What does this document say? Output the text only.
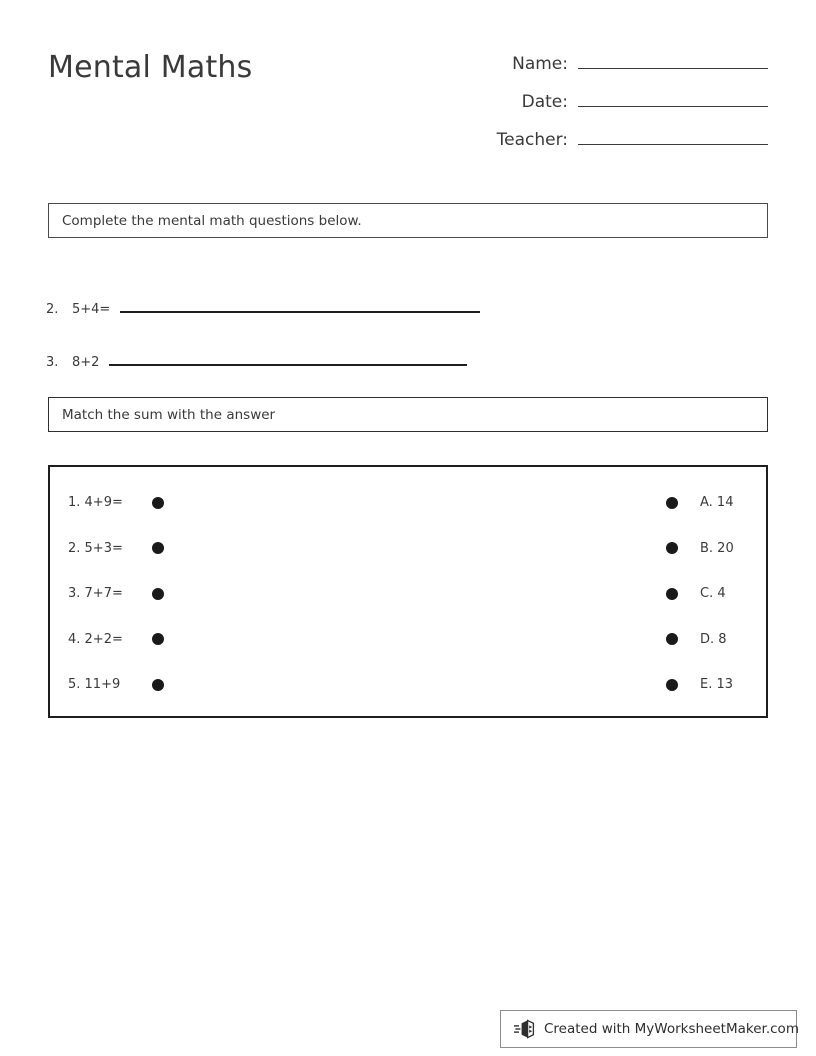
Mental Maths	Name:
Date:
Teacher:
Complete the mental math questions below.
2.	5+4=
3.	8+2
Match the sum with the answer
1. 4+9=	A. 14
2. 5+3=	B. 20
3. 7+7=	C. 4
4. 2+2=	D. 8
5. 11+9	E. 13
Created with MyWorksheetMaker.com
